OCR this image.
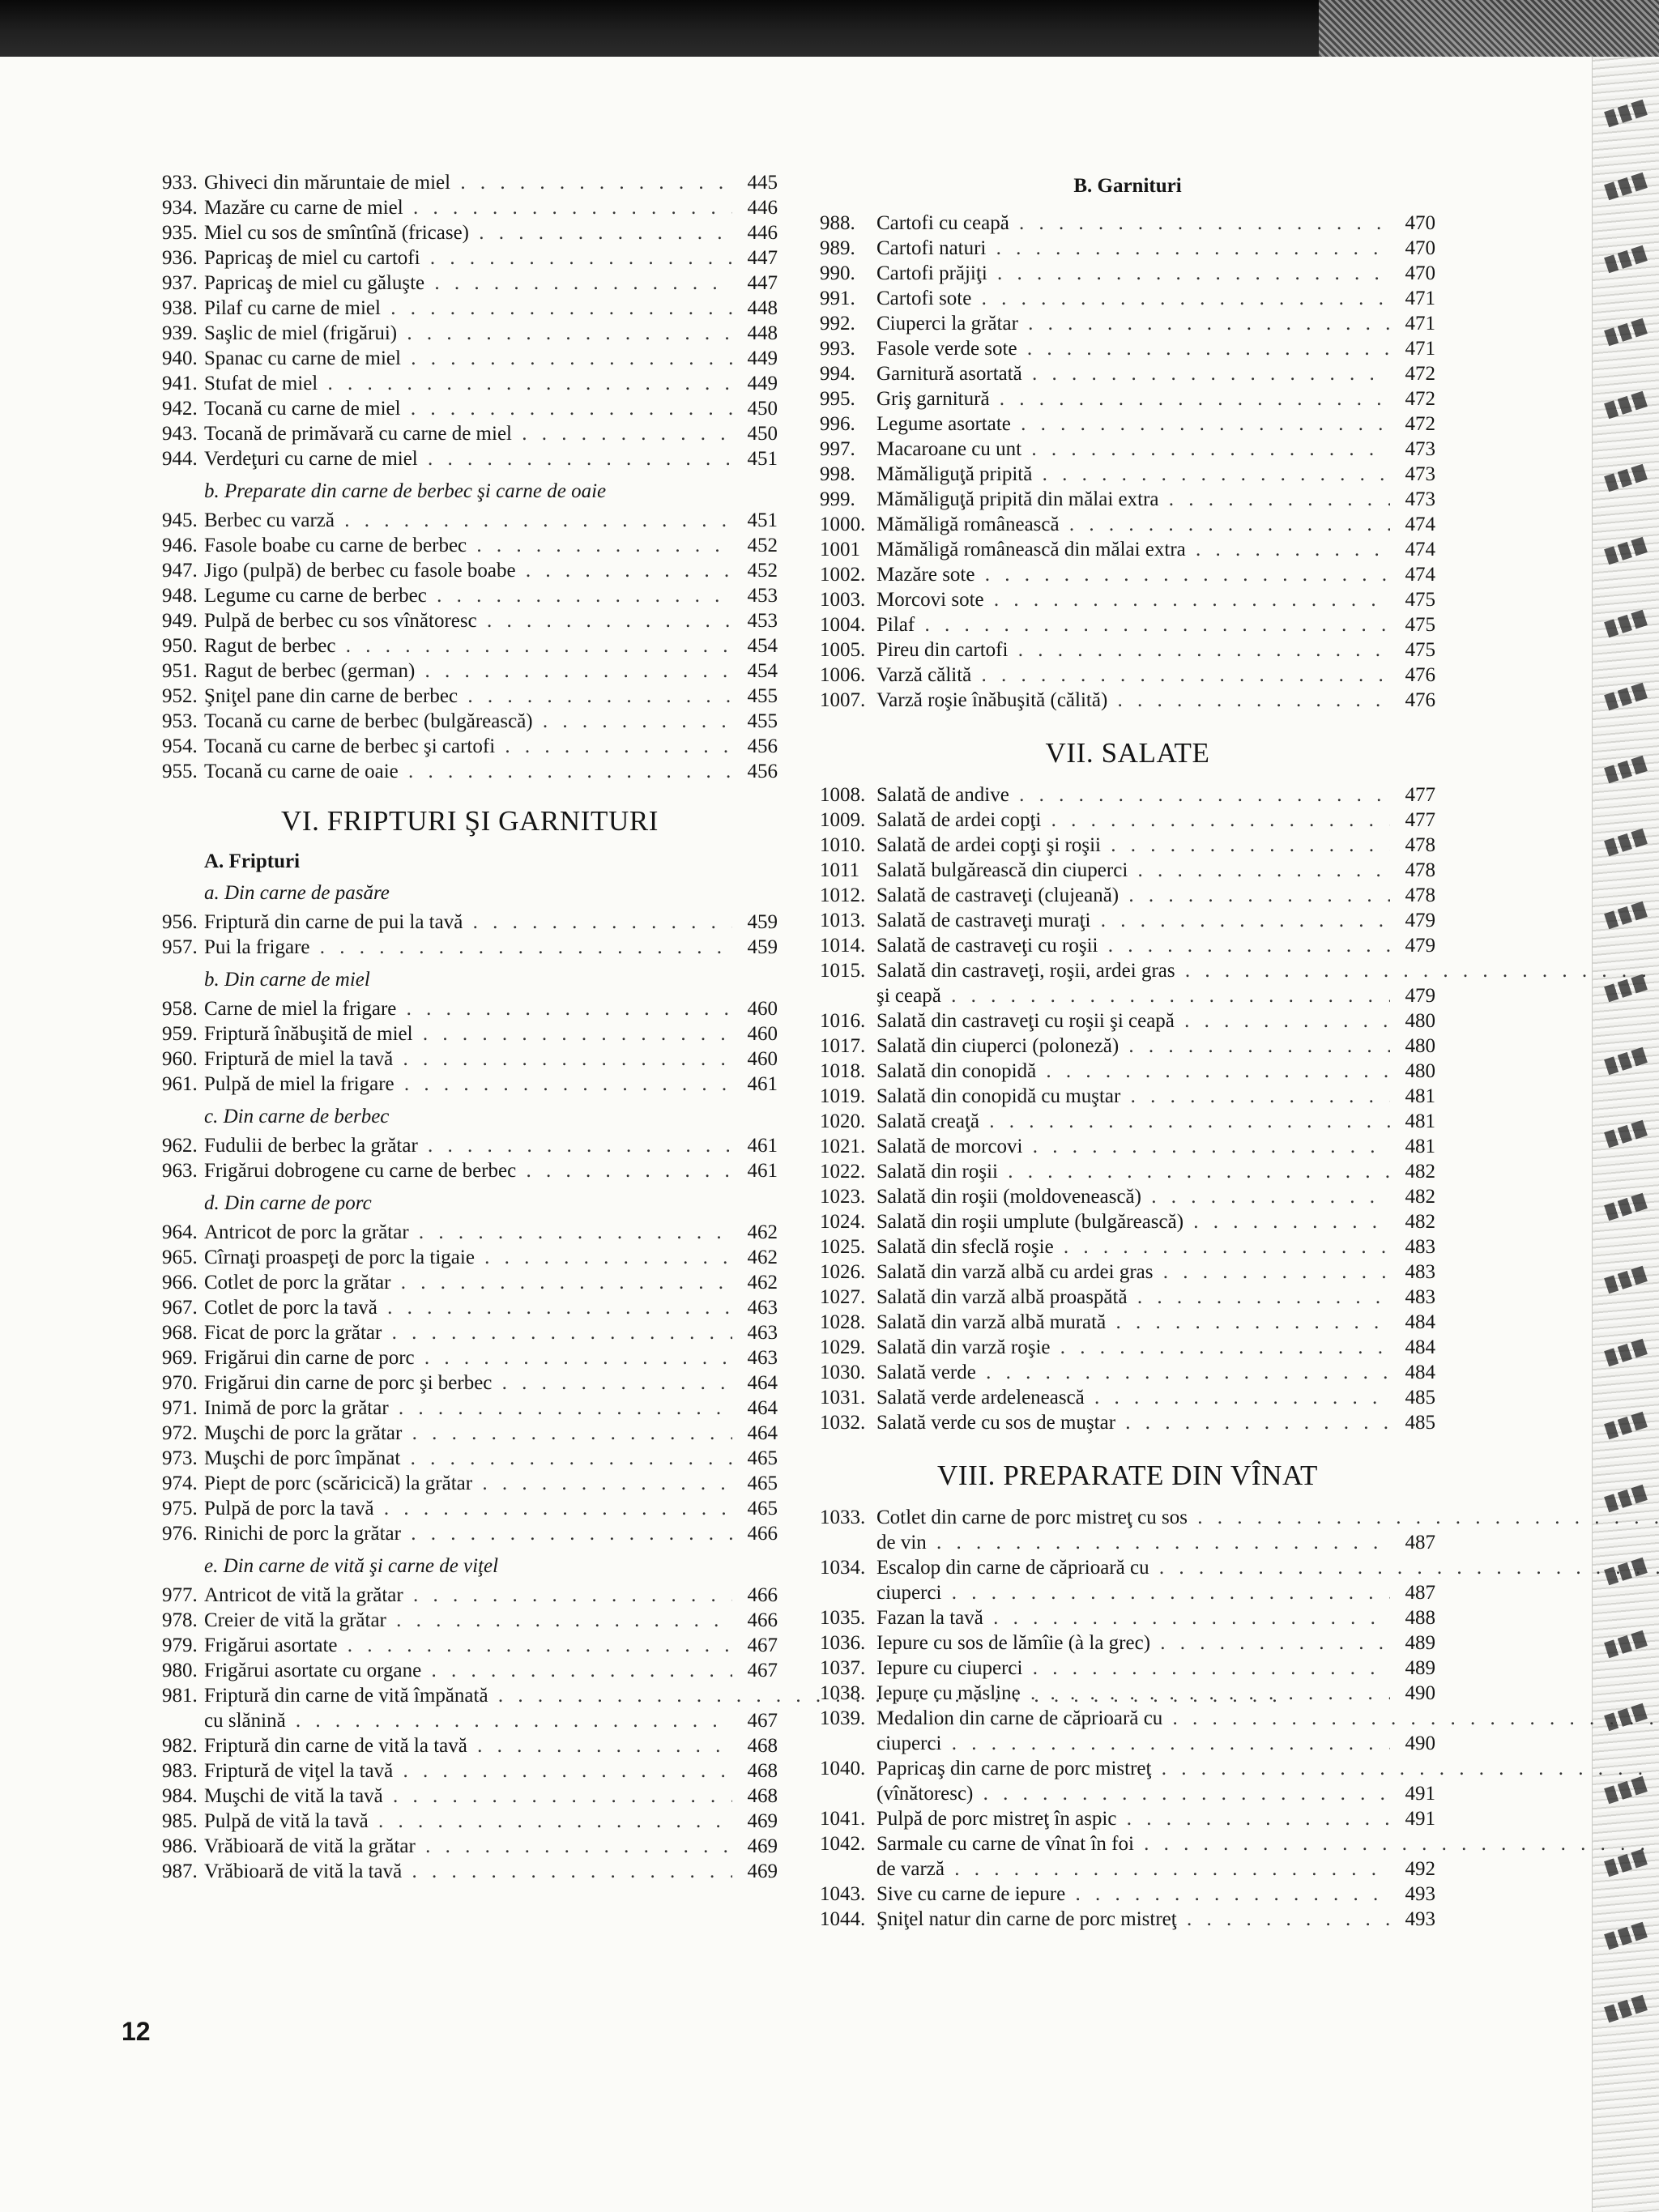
933. Ghiveci din măruntaie de miel . . .	445
934. Mazăre cu carne de miel . . .	446
935. Miel cu sos de smîntînă (fricase) . . .	446
936. Papricaş de miel cu cartofi . . .	447
937. Papricaş de miel cu găluşte . . .	447
938. Pilaf cu carne de miel . . .	448
939. Saşlic de miel (frigărui) . . .	448
940. Spanac cu carne de miel . . .	449
941. Stufat de miel . . .	449
942. Tocană cu carne de miel . . .	450
943. Tocană de primăvară cu carne de miel . . .	450
944. Verdeţuri cu carne de miel . . .	451
b. Preparate din carne de berbec şi carne de oaie
945. Berbec cu varză . . .	451
946. Fasole boabe cu carne de berbec . . .	452
947. Jigo (pulpă) de berbec cu fasole boabe . . .	452
948. Legume cu carne de berbec . . .	453
949. Pulpă de berbec cu sos vînătoresc . . .	453
950. Ragut de berbec . . .	454
951. Ragut de berbec (german) . . .	454
952. Şniţel pane din carne de berbec . . .	455
953. Tocană cu carne de berbec (bulgărească) . . .	455
954. Tocană cu carne de berbec şi cartofi . . .	456
955. Tocană cu carne de oaie . . .	456
VI. FRIPTURI ŞI GARNITURI
A. Fripturi
a. Din carne de pasăre
956. Friptură din carne de pui la tavă . . .	459
957. Pui la frigare . . .	459
b. Din carne de miel
958. Carne de miel la frigare . . .	460
959. Friptură înăbuşită de miel . . .	460
960. Friptură de miel la tavă . . .	460
961. Pulpă de miel la frigare . . .	461
c. Din carne de berbec
962. Fudulii de berbec la grătar . . .	461
963. Frigărui dobrogene cu carne de berbec . . .	461
d. Din carne de porc
964. Antricot de porc la grătar . . .	462
965. Cîrnaţi proaspeţi de porc la tigaie . . .	462
966. Cotlet de porc la grătar . . .	462
967. Cotlet de porc la tavă . . .	463
968. Ficat de porc la grătar . . .	463
969. Frigărui din carne de porc . . .	463
970. Frigărui din carne de porc şi berbec . . .	464
971. Inimă de porc la grătar . . .	464
972. Muşchi de porc la grătar . . .	464
973. Muşchi de porc împănat . . .	465
974. Piept de porc (scăricică) la grătar . . .	465
975. Pulpă de porc la tavă . . .	465
976. Rinichi de porc la grătar . . .	466
e. Din carne de vită şi carne de viţel
977. Antricot de vită la grătar . . .	466
978. Creier de vită la grătar . . .	466
979. Frigărui asortate . . .	467
980. Frigărui asortate cu organe . . .	467
981. Friptură din carne de vită împănată . . .
cu slănină . . .	467
982. Friptură din carne de vită la tavă . . .	468
983. Friptură de viţel la tavă . . .	468
984. Muşchi de vită la tavă . . .	468
985. Pulpă de vită la tavă . . .	469
986. Vrăbioară de vită la grătar . . .	469
987. Vrăbioară de vită la tavă . . .	469
B. Garnituri
988.	Cartofi cu ceapă . . .	470
989.	Cartofi naturi . . .	470
990.	Cartofi prăjiţi . . .	470
991.	Cartofi sote . . .	471
992.	Ciuperci la grătar . . .	471
993.	Fasole verde sote . . .	471
994.	Garnitură asortată . . .	472
995.	Griş garnitură . . .	472
996.	Legume asortate . . .	472
997.	Macaroane cu unt . . .	473
998.	Mămăliguţă pripită . . .	473
999.	Mămăliguţă pripită din mălai extra . . .	473
1000. Mămăligă românească . . .	474
1001 Mămăligă românească din mălai extra . . .	474
1002. Mazăre sote . . .	474
1003. Morcovi sote . . .	475
1004. Pilaf . . .	475
1005. Pireu din cartofi . . .	475
1006. Varză călită . . .	476
1007. Varză roşie înăbuşită (călită) . . .	476
VII. SALATE
1008. Salată de andive . . .	477
1009. Salată de ardei copţi . . .	477
1010. Salată de ardei copţi şi roşii . . .	478
1011 Salată bulgărească din ciuperci . . .	478
1012. Salată de castraveţi (clujeană) . . .	478
1013. Salată de castraveţi muraţi . . .	479
1014. Salată de castraveţi cu roşii . . .	479
1015. Salată din castraveţi, roşii, ardei gras . . .
şi ceapă . . .	479
1016. Salată din castraveţi cu roşii şi ceapă . . .	480
1017. Salată din ciuperci (poloneză) . . .	480
1018. Salată din conopidă . . .	480
1019. Salată din conopidă cu muştar . . .	481
1020. Salată creaţă . . .	481
1021. Salată de morcovi . . .	481
1022. Salată din roşii . . .	482
1023. Salată din roşii (moldovenească) . . .	482
1024. Salată din roşii umplute (bulgărească) . . .	482
1025. Salată din sfeclă roşie . . .	483
1026. Salată din varză albă cu ardei gras . . .	483
1027. Salată din varză albă proaspătă . . .	483
1028. Salată din varză albă murată . . .	484
1029. Salată din varză roşie . . .	484
1030. Salată verde . . .	484
1031. Salată verde ardelenească . . .	485
1032. Salată verde cu sos de muştar . . .	485
VIII. PREPARATE DIN VÎNAT
1033. Cotlet din carne de porc mistreţ cu sos . . .
de vin . . .	487
1034. Escalop din carne de căprioară cu . . .
ciuperci . . .	487
1035. Fazan la tavă . . .	488
1036. Iepure cu sos de lămîie (à la grec) . . .	489
1037. Iepure cu ciuperci . . .	489
1038. Iepure cu măsline . . .	490
1039. Medalion din carne de căprioară cu . . .
ciuperci . . .	490
1040. Papricaş din carne de porc mistreţ . . .
(vînătoresc) . . .	491
1041. Pulpă de porc mistreţ în aspic . . .	491
1042. Sarmale cu carne de vînat în foi . . .
de varză . . .	492
1043. Sive cu carne de iepure . . .	493
1044. Şniţel natur din carne de porc mistreţ . . .	493
12
